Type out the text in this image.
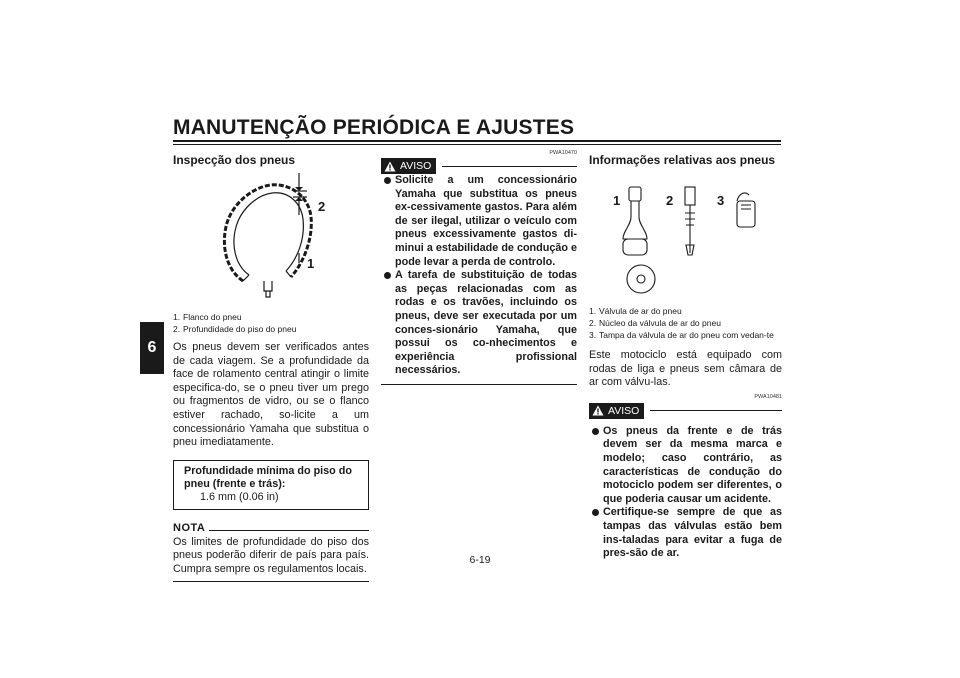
MANUTENÇÃO PERIÓDICA E AJUSTES
6
Inspecção dos pneus
2
1
1. Flanco do pneu
2. Profundidade do piso do pneu

Os pneus devem ser verificados antes de cada viagem. Se a profundidade da face de rolamento central atingir o limite especifica-do, se o pneu tiver um prego ou fragmentos de vidro, ou se o flanco estiver rachado, so-licite a um concessionário Yamaha que substitua o pneu imediatamente.

Profundidade mínima do piso do pneu (frente e trás):
1.6 mm (0.06 in)
NOTA

Os limites de profundidade do piso dos pneus poderão diferir de país para país. Cumpra sempre os regulamentos locais.

AVISO
PWA10470
Solicite a um concessionário Yamaha que substitua os pneus ex-cessivamente gastos. Para além de ser ilegal, utilizar o veículo com pneus excessivamente gastos di-minui a estabilidade de condução e pode levar a perda de controlo.
A tarefa de substituição de todas as peças relacionadas com as rodas e os travões, incluindo os pneus, deve ser executada por um conces-sionário Yamaha, que possui os co-nhecimentos e experiência profissional necessários.
Informações relativas aos pneus
1	2	3
1. Válvula de ar do pneu
2. Núcleo da válvula de ar do pneu
3. Tampa da válvula de ar do pneu com vedan-te

Este motociclo está equipado com rodas de liga e pneus sem câmara de ar com válvu-las.

PWA10481
AVISO
Os pneus da frente e de trás devem ser da mesma marca e modelo; caso contrário, as características de condução do motociclo podem ser diferentes, o que poderia causar um acidente.
Certifique-se sempre de que as tampas das válvulas estão bem ins-taladas para evitar a fuga de pres-são de ar.
6-19
